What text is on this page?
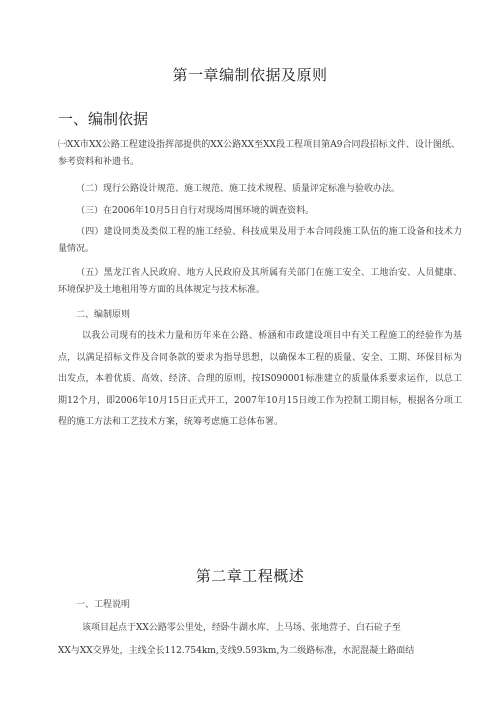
第一章编制依据及原则
一、编制依据
㈠XX市XX公路工程建设指挥部提供的XX公路XX至XX段工程项目第A9合同段招标文件、设计图纸、参考资料和补遗书。
（二）现行公路设计规范、施工规范、施工技术规程、质量评定标准与验收办法。
（三）在2006年10月5日自行对现场周围环境的调查资料。
（四）建设同类及类似工程的施工经验、科技成果及用于本合同段施工队伍的施工设备和技术力量情况。
（五）黑龙江省人民政府、地方人民政府及其所属有关部门在施工安全、工地治安、人员健康、环境保护及土地租用等方面的具体规定与技术标准。
二、编制原则
以我公司现有的技术力量和历年来在公路、桥涵和市政建设项目中有关工程施工的经验作为基点，以满足招标文件及合同条款的要求为指导思想，以确保本工程的质量、安全、工期、环保目标为出发点，本着优质、高效、经济、合理的原则，按IS090001标准建立的质量体系要求运作，以总工期12个月，即2006年10月15日正式开工，2007年10月15日竣工作为控制工期目标，根据各分项工程的施工方法和工艺技术方案，统筹考虑施工总体布署。
第二章工程概述
一、工程说明
该项目起点于XX公路零公里处，经卧牛湖水库、上马场、张地营子、白石砬子至
XX与XX交界处，主线全长112.754km,支线9.593km,为二级路标准，水泥混凝土路面结
